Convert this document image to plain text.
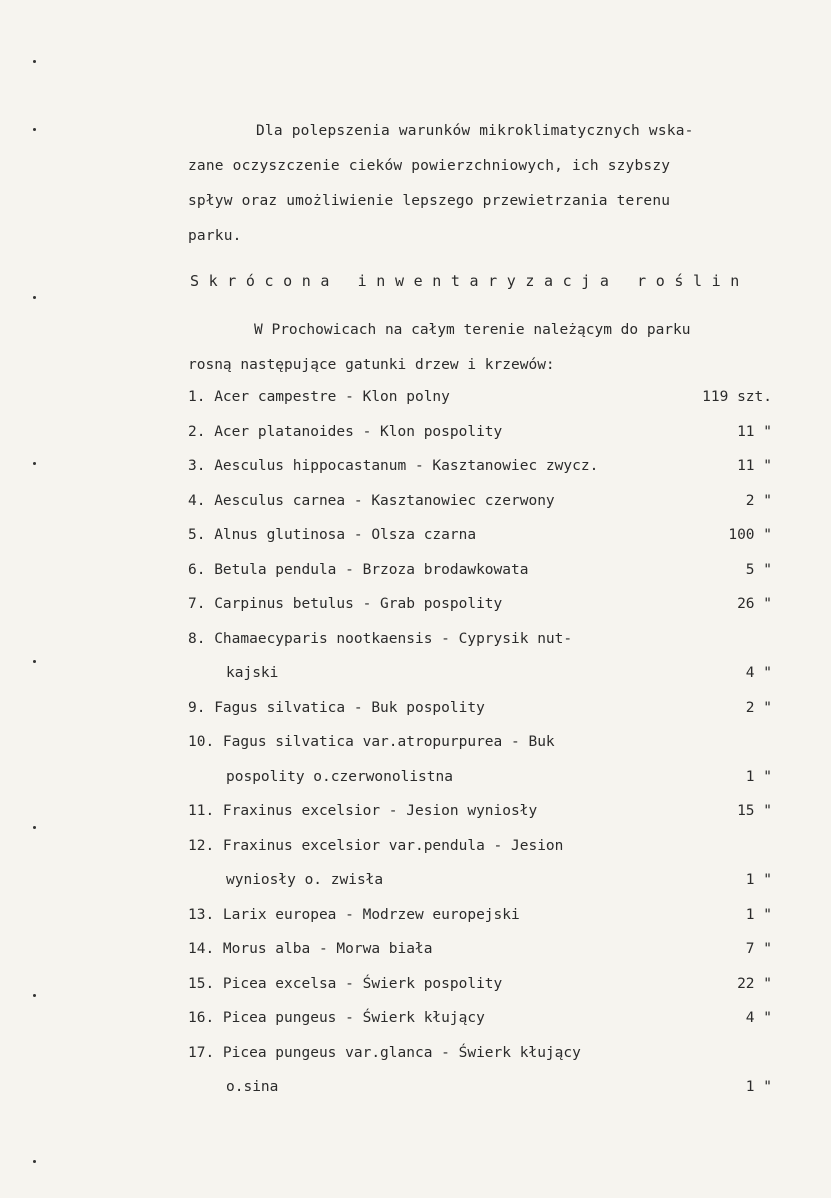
Dla polepszenia warunków mikroklimatycznych wska-
zane oczyszczenie cieków powierzchniowych, ich szybszy
spływ oraz umożliwienie lepszego przewietrzania terenu
parku.
Skrócona inwentaryzacja roślin
W Prochowicach na całym terenie należącym do parku
rosną następujące gatunki drzew i krzewów:
1. Acer campestre - Klon polny	119 szt.
2. Acer platanoides - Klon pospolity	11 "
3. Aesculus hippocastanum - Kasztanowiec zwycz.	11 "
4. Aesculus carnea - Kasztanowiec czerwony	2 "
5. Alnus glutinosa - Olsza czarna	100 "
6. Betula pendula - Brzoza brodawkowata	5 "
7. Carpinus betulus - Grab pospolity	26 "
8. Chamaecyparis nootkaensis - Cyprysik nut-
kajski	4 "
9. Fagus silvatica - Buk pospolity	2 "
10. Fagus silvatica var.atropurpurea - Buk
pospolity o.czerwonolistna	1 "
11. Fraxinus excelsior - Jesion wyniosły	15 "
12. Fraxinus excelsior var.pendula - Jesion
wyniosły o. zwisła	1 "
13. Larix europea - Modrzew europejski	1 "
14. Morus alba - Morwa biała	7 "
15. Picea excelsa - Świerk pospolity	22 "
16. Picea pungeus - Świerk kłujący	4 "
17. Picea pungeus var.glanca - Świerk kłujący
o.sina	1 "
